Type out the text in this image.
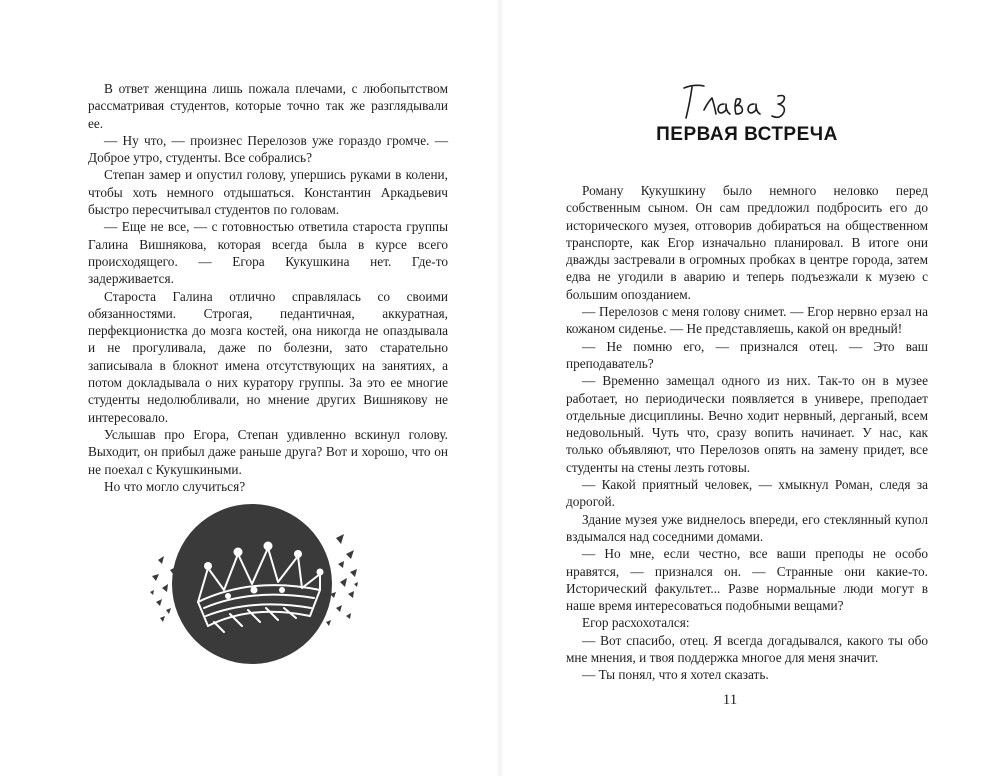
В ответ женщина лишь пожала плечами, с любопытством рассматривая студентов, которые точно так же разглядывали ее.

— Ну что, — произнес Перелозов уже гораздо громче. — Доброе утро, студенты. Все собрались?

Степан замер и опустил голову, упершись руками в колени, чтобы хоть немного отдышаться. Константин Аркадьевич быстро пересчитывал студентов по головам.

— Еще не все, — с готовностью ответила староста группы Галина Вишнякова, которая всегда была в курсе всего происходящего. — Егора Кукушкина нет. Где-то задерживается.

Староста Галина отлично справлялась со своими обязанностями. Строгая, педантичная, аккуратная, перфекционистка до мозга костей, она никогда не опаздывала и не прогуливала, даже по болезни, зато старательно записывала в блокнот имена отсутствующих на занятиях, а потом докладывала о них куратору группы. За это ее многие студенты недолюбливали, но мнение других Вишнякову не интересовало.

Услышав про Егора, Степан удивленно вскинул голову. Выходит, он прибыл даже раньше друга? Вот и хорошо, что он не поехал с Кукушкиными.

Но что могло случиться?

ПЕРВАЯ ВСТРЕЧА

Роману Кукушкину было немного неловко перед собственным сыном. Он сам предложил подбросить его до исторического музея, отговорив добираться на общественном транспорте, как Егор изначально планировал. В итоге они дважды застревали в огромных пробках в центре города, затем едва не угодили в аварию и теперь подъезжали к музею с большим опозданием.

— Перелозов с меня голову снимет. — Егор нервно ерзал на кожаном сиденье. — Не представляешь, какой он вредный!

— Не помню его, — признался отец. — Это ваш преподаватель?

— Временно замещал одного из них. Так-то он в музее работает, но периодически появляется в универе, преподает отдельные дисциплины. Вечно ходит нервный, дерганый, всем недовольный. Чуть что, сразу вопить начинает. У нас, как только объявляют, что Перелозов опять на замену придет, все студенты на стены лезть готовы.

— Какой приятный человек, — хмыкнул Роман, следя за дорогой.

Здание музея уже виднелось впереди, его стеклянный купол вздымался над соседними домами.

— Но мне, если честно, все ваши преподы не особо нравятся, — признался он. — Странные они какие-то. Исторический факультет... Разве нормальные люди могут в наше время интересоваться подобными вещами?

Егор расхохотался:

— Вот спасибо, отец. Я всегда догадывался, какого ты обо мне мнения, и твоя поддержка многое для меня значит.

— Ты понял, что я хотел сказать.

11
